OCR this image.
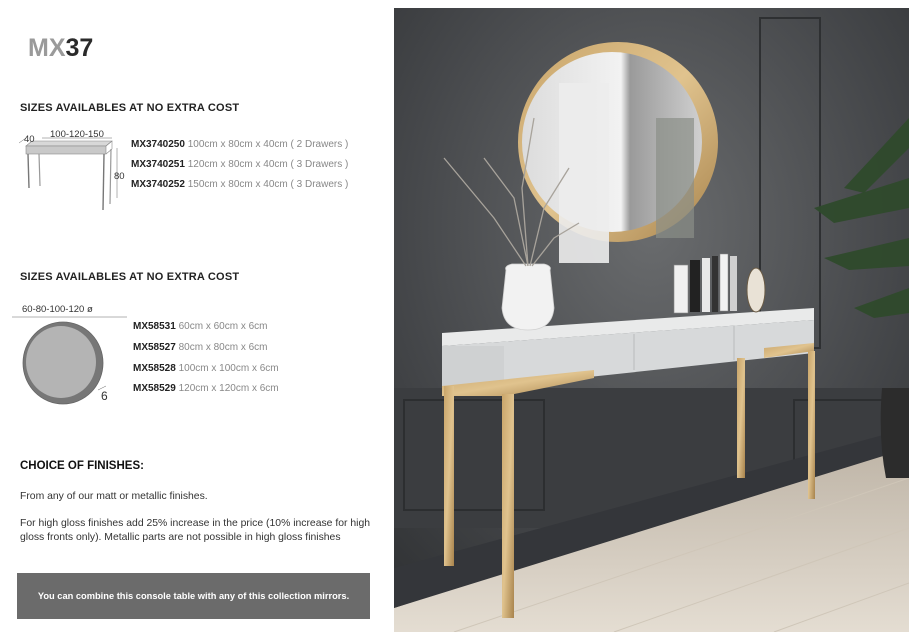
MX37
SIZES AVAILABLES AT NO EXTRA COST
40 100-120-150
80
MX3740250 100cm x 80cm x 40cm ( 2 Drawers )
MX3740251 120cm x 80cm x 40cm ( 3 Drawers )
MX3740252 150cm x 80cm x 40cm ( 3 Drawers )
SIZES AVAILABLES AT NO EXTRA COST
60-80-100-120 ø
6
MX58531 60cm x 60cm x 6cm
MX58527 80cm x 80cm x 6cm
MX58528 100cm x 100cm x 6cm
MX58529 120cm x 120cm x 6cm
CHOICE OF FINISHES:
From any of our matt or metallic finishes.
For high gloss finishes add 25% increase in the price (10% increase for high gloss fronts only). Metallic parts are not possible in high gloss finishes
You can combine this console table with any of this collection mirrors.
